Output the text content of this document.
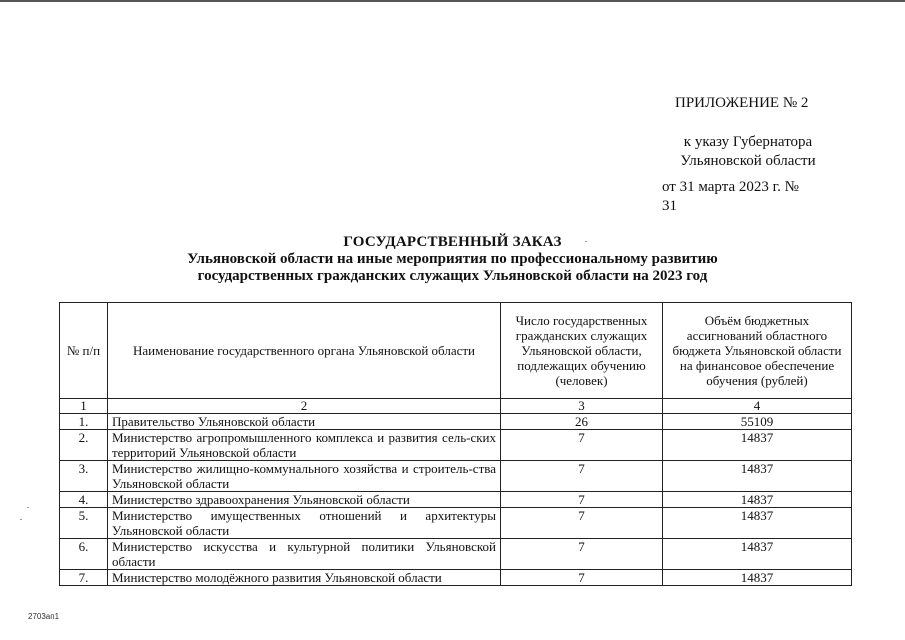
ПРИЛОЖЕНИЕ № 2
к указу Губернатора
Ульяновской области
от 31 марта 2023 г. № 31
ГОСУДАРСТВЕННЫЙ ЗАКАЗ
Ульяновской области на иные мероприятия по профессиональному развитию
государственных гражданских служащих Ульяновской области на 2023 год
№ п/п	Наименование государственного органа Ульяновской области	Число государственных гражданских служащих Ульяновской области, подлежащих обучению (человек)	Объём бюджетных ассигнований областного бюджета Ульяновской области на финансовое обеспечение обучения (рублей)
1	2	3	4
1.	Правительство Ульяновской области	26	55109
2.	Министерство агропромышленного комплекса и развития сель-ских территорий Ульяновской области	7	14837
3.	Министерство жилищно-коммунального хозяйства и строитель-ства Ульяновской области	7	14837
4.	Министерство здравоохранения Ульяновской области	7	14837
5.	Министерство имущественных отношений и архитектуры Ульяновской области	7	14837
6.	Министерство искусства и культурной политики Ульяновской области	7	14837
7.	Министерство молодёжного развития Ульяновской области	7	14837
2703ап1
